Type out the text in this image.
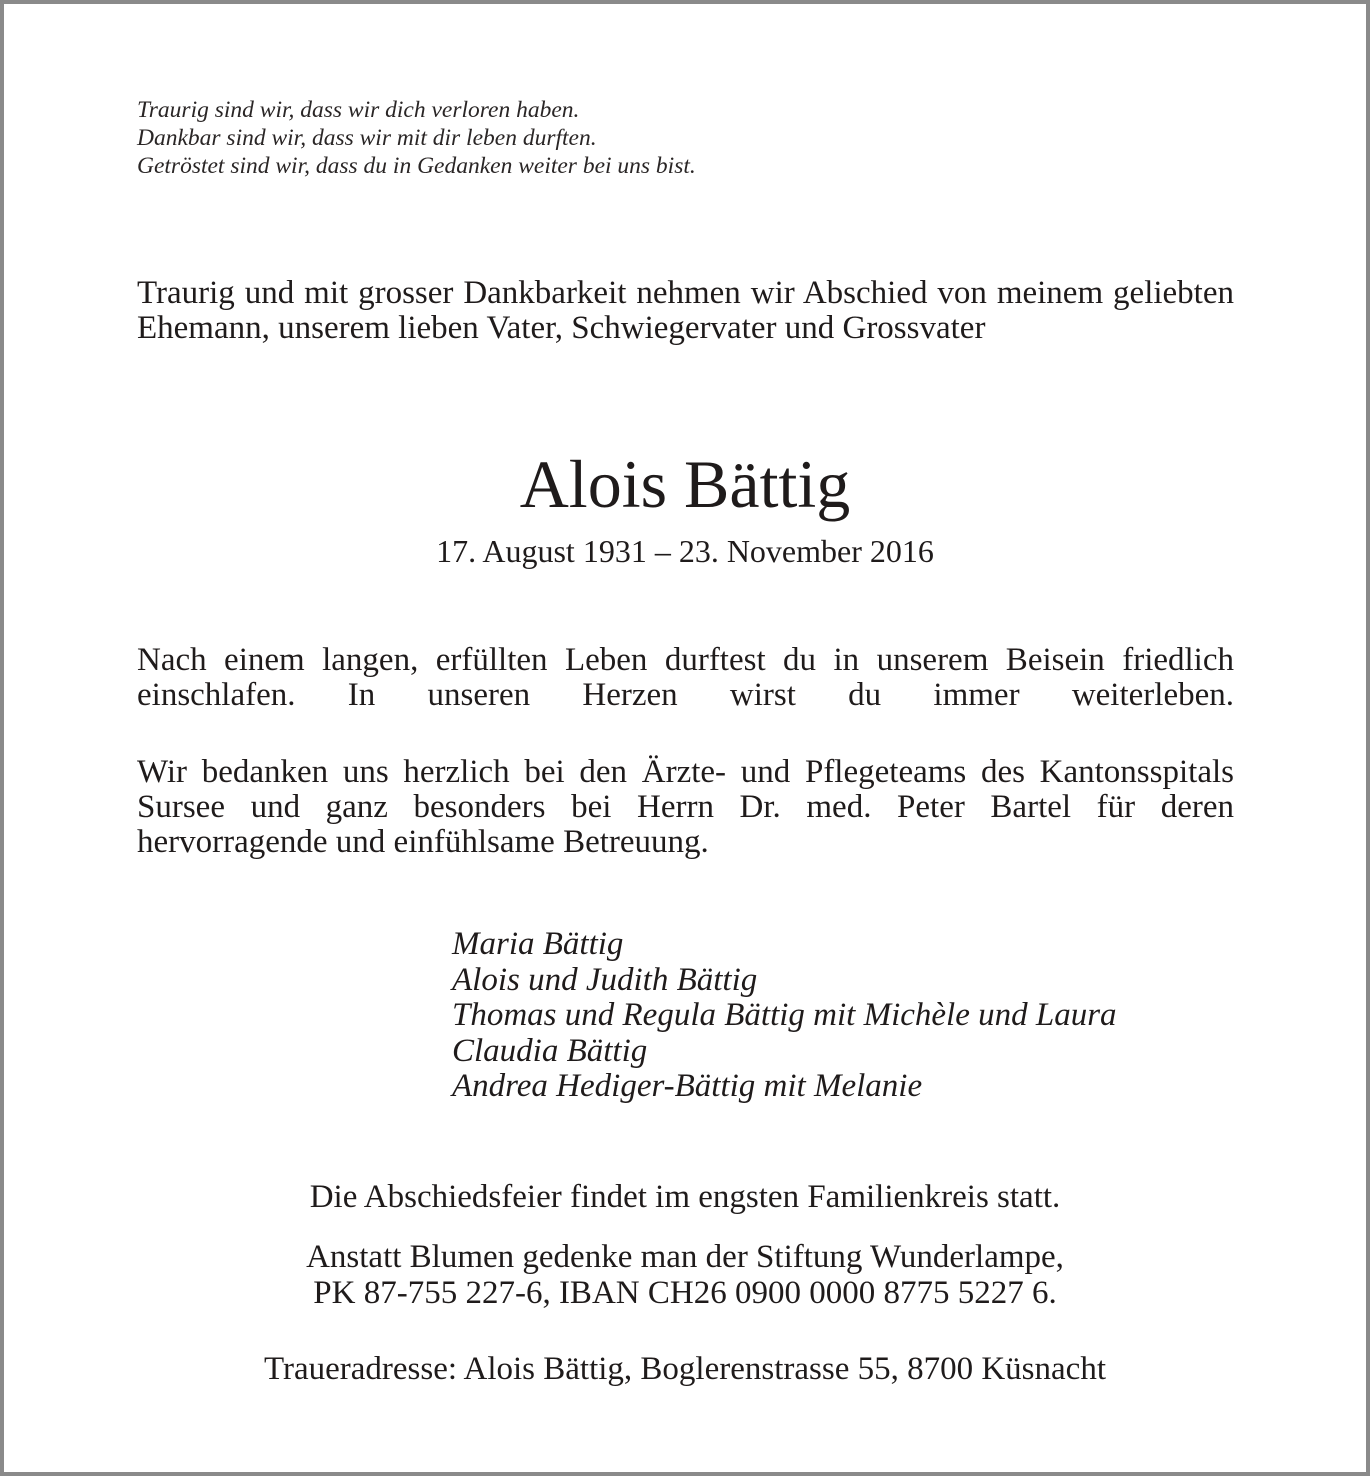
Traurig sind wir, dass wir dich verloren haben.
Dankbar sind wir, dass wir mit dir leben durften.
Getröstet sind wir, dass du in Gedanken weiter bei uns bist.
Traurig und mit grosser Dankbarkeit nehmen wir Abschied von meinem geliebten Ehemann, unserem lieben Vater, Schwiegervater und Grossvater
Alois Bättig
17. August 1931 – 23. November 2016
Nach einem langen, erfüllten Leben durftest du in unserem Beisein friedlich einschlafen. In unseren Herzen wirst du immer weiterleben.
Wir bedanken uns herzlich bei den Ärzte- und Pflegeteams des Kantonsspitals Sursee und ganz besonders bei Herrn Dr. med. Peter Bartel für deren hervorragende und einfühlsame Betreuung.
Maria Bättig
Alois und Judith Bättig
Thomas und Regula Bättig mit Michèle und Laura
Claudia Bättig
Andrea Hediger-Bättig mit Melanie
Die Abschiedsfeier findet im engsten Familienkreis statt.
Anstatt Blumen gedenke man der Stiftung Wunderlampe,
PK 87-755 227-6, IBAN CH26 0900 0000 8775 5227 6.
Traueradresse: Alois Bättig, Boglerenstrasse 55, 8700 Küsnacht
